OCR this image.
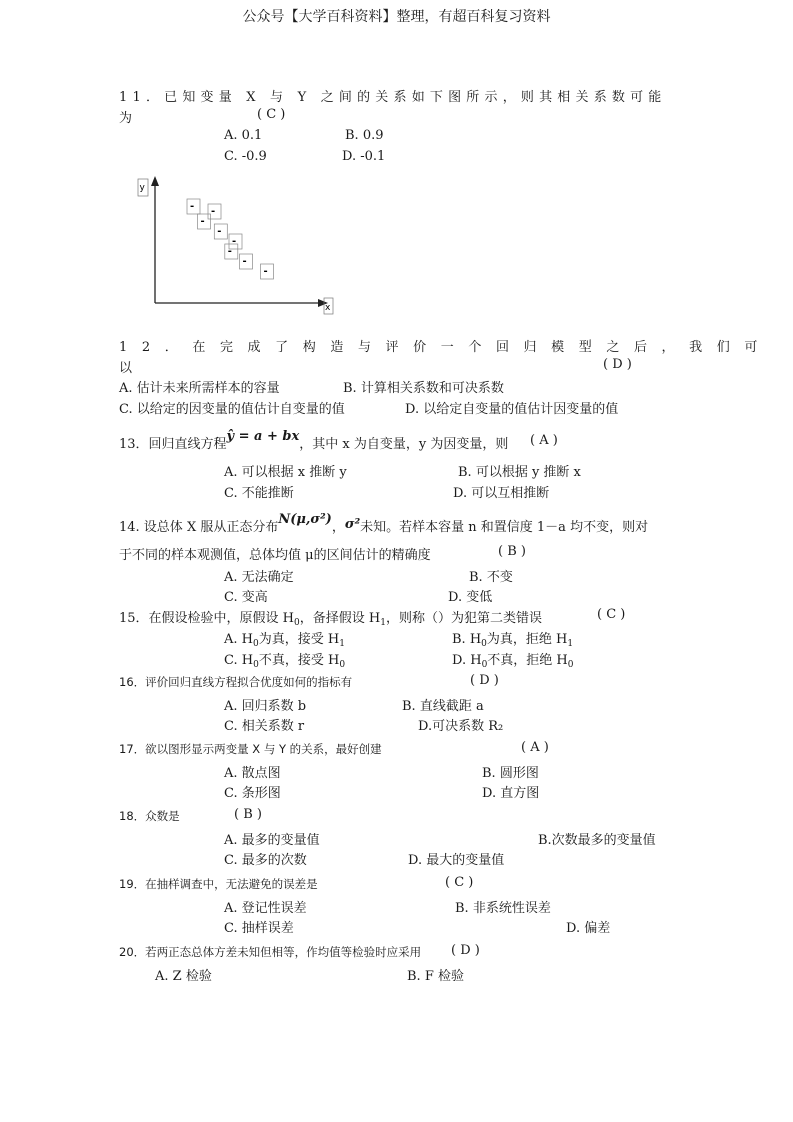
公众号【大学百科资料】整理，有超百科复习资料
11．已知变量 X 与 Y 之间的关系如下图所示，则其相关系数可能
为	( C )
A. 0.1	B. 0.9
C. -0.9	D. -0.1
y
x
- -
-
-
-
-
-
-
12．在完成了构造与评价一个回归模型之后，我们可
以	( D )
A. 估计未来所需样本的容量	B. 计算相关系数和可决系数
C. 以给定的因变量的值估计自变量的值	D. 以给定自变量的值估计因变量的值
13．回归直线方程ŷ = a + bx，其中 x 为自变量，y 为因变量，则 ( A )
A. 可以根据 x 推断 y	B. 可以根据 y 推断 x
C. 不能推断	D. 可以互相推断
14. 设总体 X 服从正态分布N(μ,σ²)，σ²未知。若样本容量 n 和置信度 1－a 均不变，则对
于不同的样本观测值，总体均值 μ的区间估计的精确度	( B )
A. 无法确定	B. 不变
C. 变高	D. 变低
15．在假设检验中，原假设 $H_0$，备择假设 $H_1$，则称（）为犯第二类错误	( C )
A. $H_0$为真，接受 $H_1$	B. $H_0$为真，拒绝 $H_1$
C. $H_0$不真，接受 $H_0$	D. $H_0$不真，拒绝 $H_0$
16．评价回归直线方程拟合优度如何的指标有	( D )
A. 回归系数 b	B. 直线截距 a
C. 相关系数 r	D.可决系数 R₂
17．欲以图形显示两变量 X 与 Y 的关系，最好创建	( A )
A. 散点图	B. 圆形图
C. 条形图	D. 直方图
18．众数是	( B )
A. 最多的变量值	B.次数最多的变量值
C. 最多的次数	D. 最大的变量值
19．在抽样调查中，无法避免的误差是	( C )
A. 登记性误差	B. 非系统性误差
C. 抽样误差	D. 偏差
20．若两正态总体方差未知但相等，作均值等检验时应采用 ( D )
A. Z 检验	B. F 检验
